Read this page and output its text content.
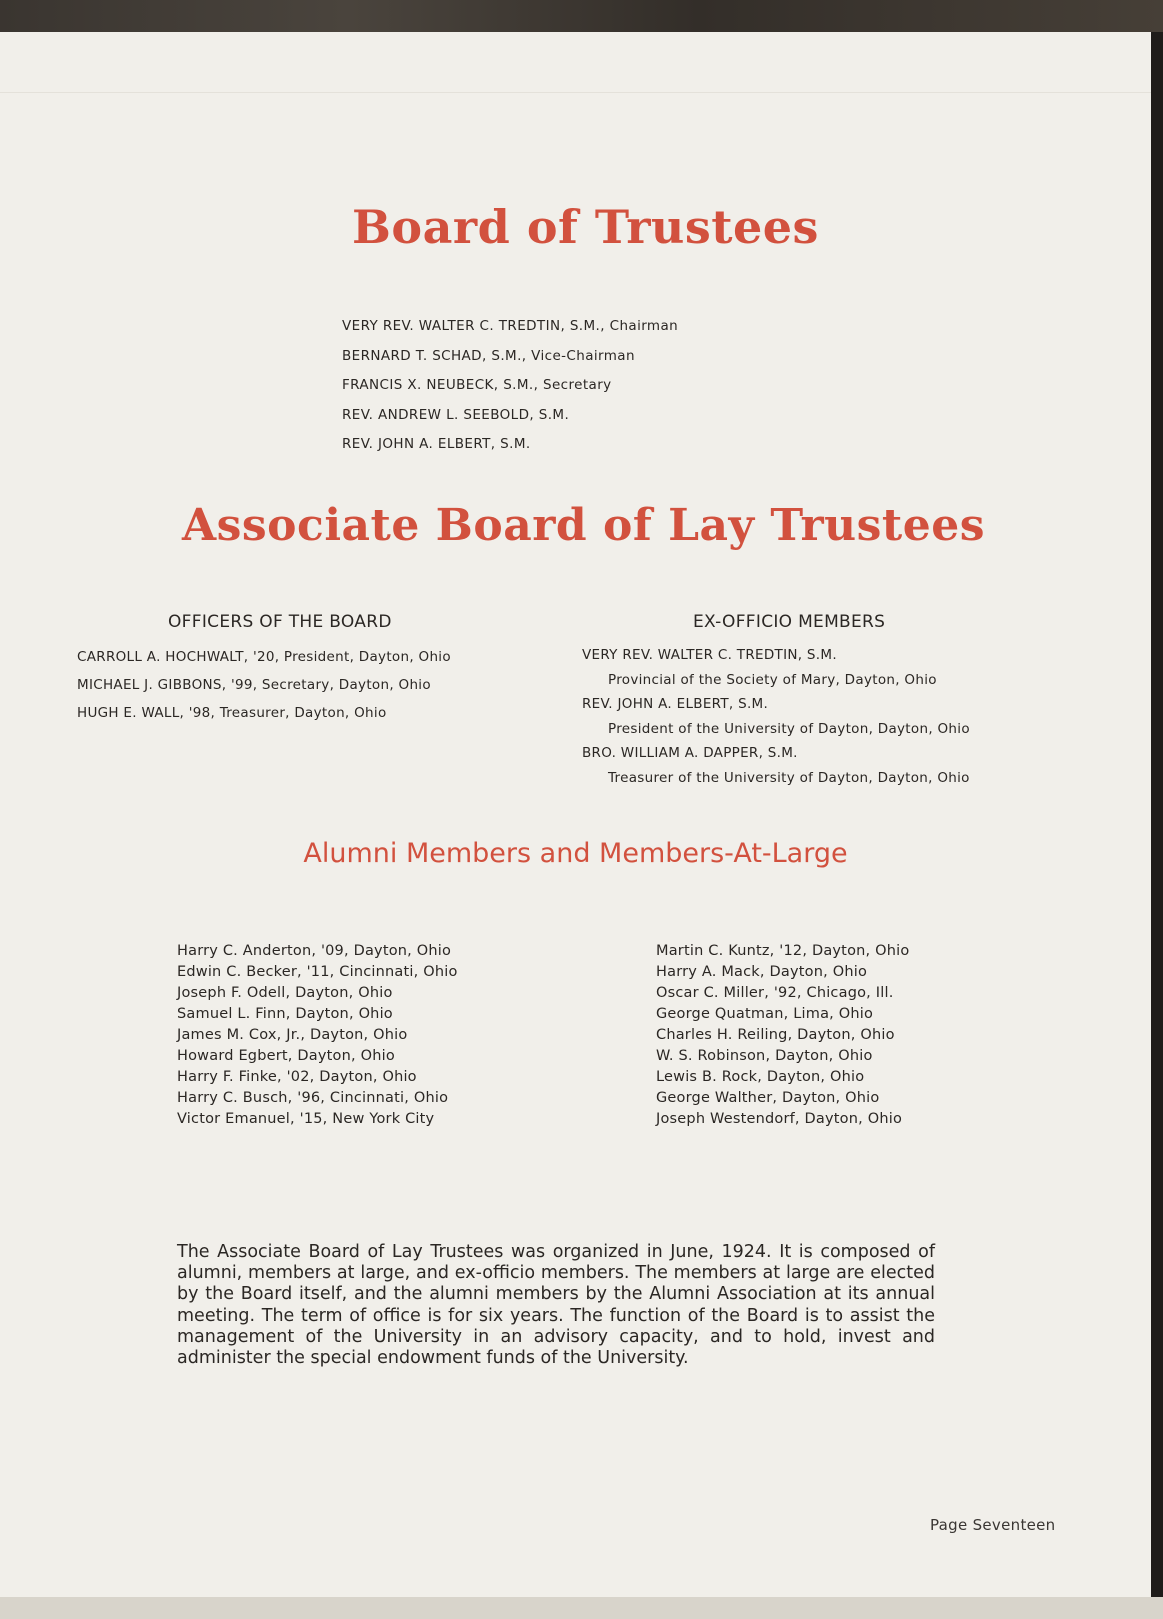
Board of Trustees
VERY REV. WALTER C. TREDTIN, S.M., Chairman
BERNARD T. SCHAD, S.M., Vice-Chairman
FRANCIS X. NEUBECK, S.M., Secretary
REV. ANDREW L. SEEBOLD, S.M.
REV. JOHN A. ELBERT, S.M.
Associate Board of Lay Trustees
OFFICERS OF THE BOARD	EX-OFFICIO MEMBERS
CARROLL A. HOCHWALT, '20, President, Dayton, Ohio
MICHAEL J. GIBBONS, '99, Secretary, Dayton, Ohio
HUGH E. WALL, '98, Treasurer, Dayton, Ohio
VERY REV. WALTER C. TREDTIN, S.M.
Provincial of the Society of Mary, Dayton, Ohio
REV. JOHN A. ELBERT, S.M.
President of the University of Dayton, Dayton, Ohio
BRO. WILLIAM A. DAPPER, S.M.
Treasurer of the University of Dayton, Dayton, Ohio
Alumni Members and Members-At-Large
Harry C. Anderton, '09, Dayton, Ohio
Edwin C. Becker, '11, Cincinnati, Ohio
Joseph F. Odell, Dayton, Ohio
Samuel L. Finn, Dayton, Ohio
James M. Cox, Jr., Dayton, Ohio
Howard Egbert, Dayton, Ohio
Harry F. Finke, '02, Dayton, Ohio
Harry C. Busch, '96, Cincinnati, Ohio
Victor Emanuel, '15, New York City
Martin C. Kuntz, '12, Dayton, Ohio
Harry A. Mack, Dayton, Ohio
Oscar C. Miller, '92, Chicago, Ill.
George Quatman, Lima, Ohio
Charles H. Reiling, Dayton, Ohio
W. S. Robinson, Dayton, Ohio
Lewis B. Rock, Dayton, Ohio
George Walther, Dayton, Ohio
Joseph Westendorf, Dayton, Ohio

The Associate Board of Lay Trustees was organized in June, 1924. It is composed of alumni, members at large, and ex-officio members. The members at large are elected by the Board itself, and the alumni members by the Alumni Association at its annual meeting. The term of office is for six years. The function of the Board is to assist the management of the University in an advisory capacity, and to hold, invest and administer the special endowment funds of the University.

Page Seventeen
